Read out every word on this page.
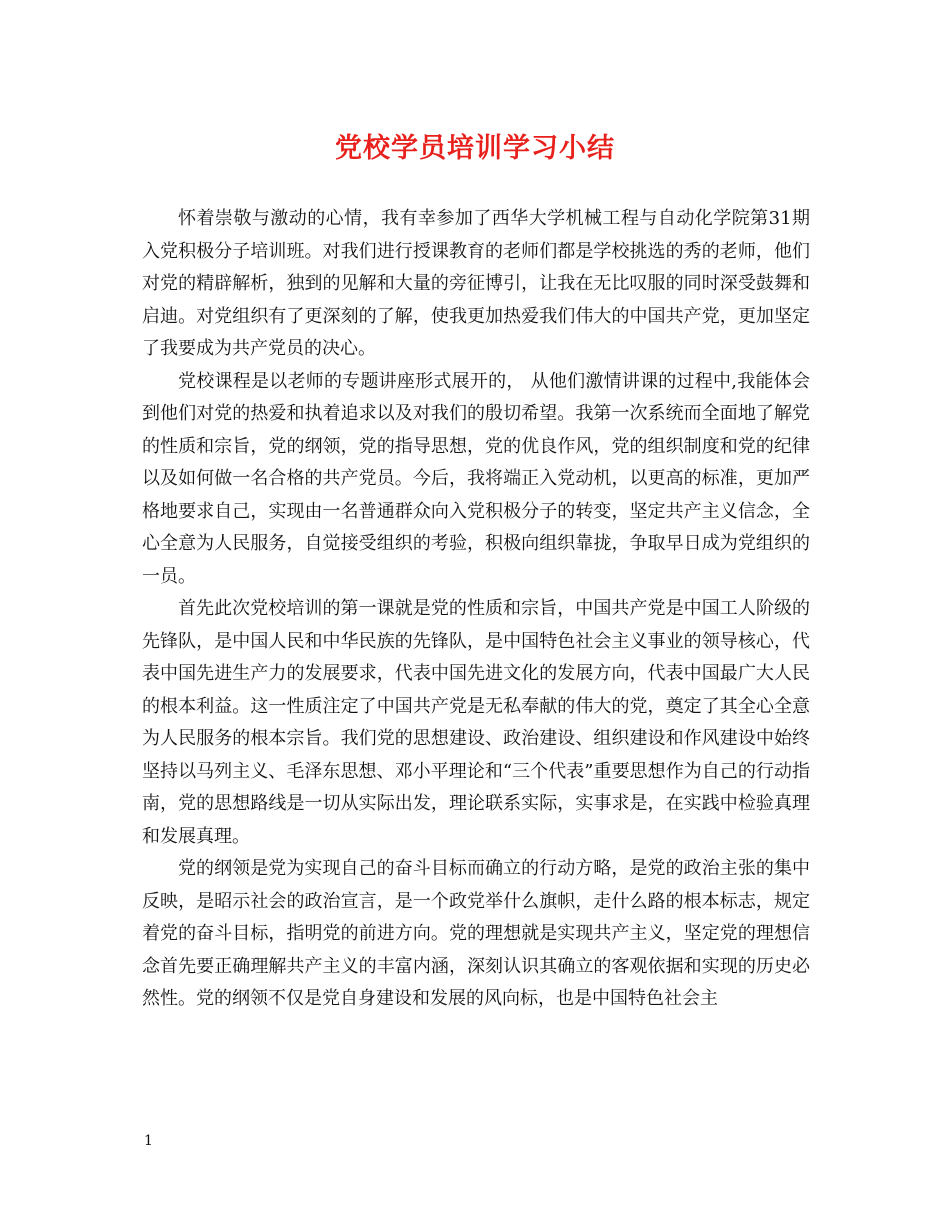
党校学员培训学习小结

怀着崇敬与激动的心情，我有幸参加了西华大学机械工程与自动化学院第31期入党积极分子培训班。对我们进行授课教育的老师们都是学校挑选的秀的老师，他们对党的精辟解析，独到的见解和大量的旁征博引，让我在无比叹服的同时深受鼓舞和启迪。对党组织有了更深刻的了解，使我更加热爱我们伟大的中国共产党，更加坚定了我要成为共产党员的决心。

党校课程是以老师的专题讲座形式展开的， 从他们激情讲课的过程中,我能体会到他们对党的热爱和执着追求以及对我们的殷切希望。我第一次系统而全面地了解党的性质和宗旨，党的纲领，党的指导思想，党的优良作风，党的组织制度和党的纪律以及如何做一名合格的共产党员。今后，我将端正入党动机，以更高的标准，更加严格地要求自己，实现由一名普通群众向入党积极分子的转变，坚定共产主义信念，全心全意为人民服务，自觉接受组织的考验，积极向组织靠拢，争取早日成为党组织的一员。

首先此次党校培训的第一课就是党的性质和宗旨，中国共产党是中国工人阶级的先锋队，是中国人民和中华民族的先锋队，是中国特色社会主义事业的领导核心，代表中国先进生产力的发展要求，代表中国先进文化的发展方向，代表中国最广大人民的根本利益。这一性质注定了中国共产党是无私奉献的伟大的党，奠定了其全心全意为人民服务的根本宗旨。我们党的思想建设、政治建设、组织建设和作风建设中始终坚持以马列主义、毛泽东思想、邓小平理论和“三个代表”重要思想作为自己的行动指南，党的思想路线是一切从实际出发，理论联系实际，实事求是，在实践中检验真理和发展真理。

党的纲领是党为实现自己的奋斗目标而确立的行动方略，是党的政治主张的集中反映，是昭示社会的政治宣言，是一个政党举什么旗帜，走什么路的根本标志，规定着党的奋斗目标，指明党的前进方向。党的理想就是实现共产主义，坚定党的理想信念首先要正确理解共产主义的丰富内涵，深刻认识其确立的客观依据和实现的历史必然性。党的纲领不仅是党自身建设和发展的风向标，也是中国特色社会主

1
